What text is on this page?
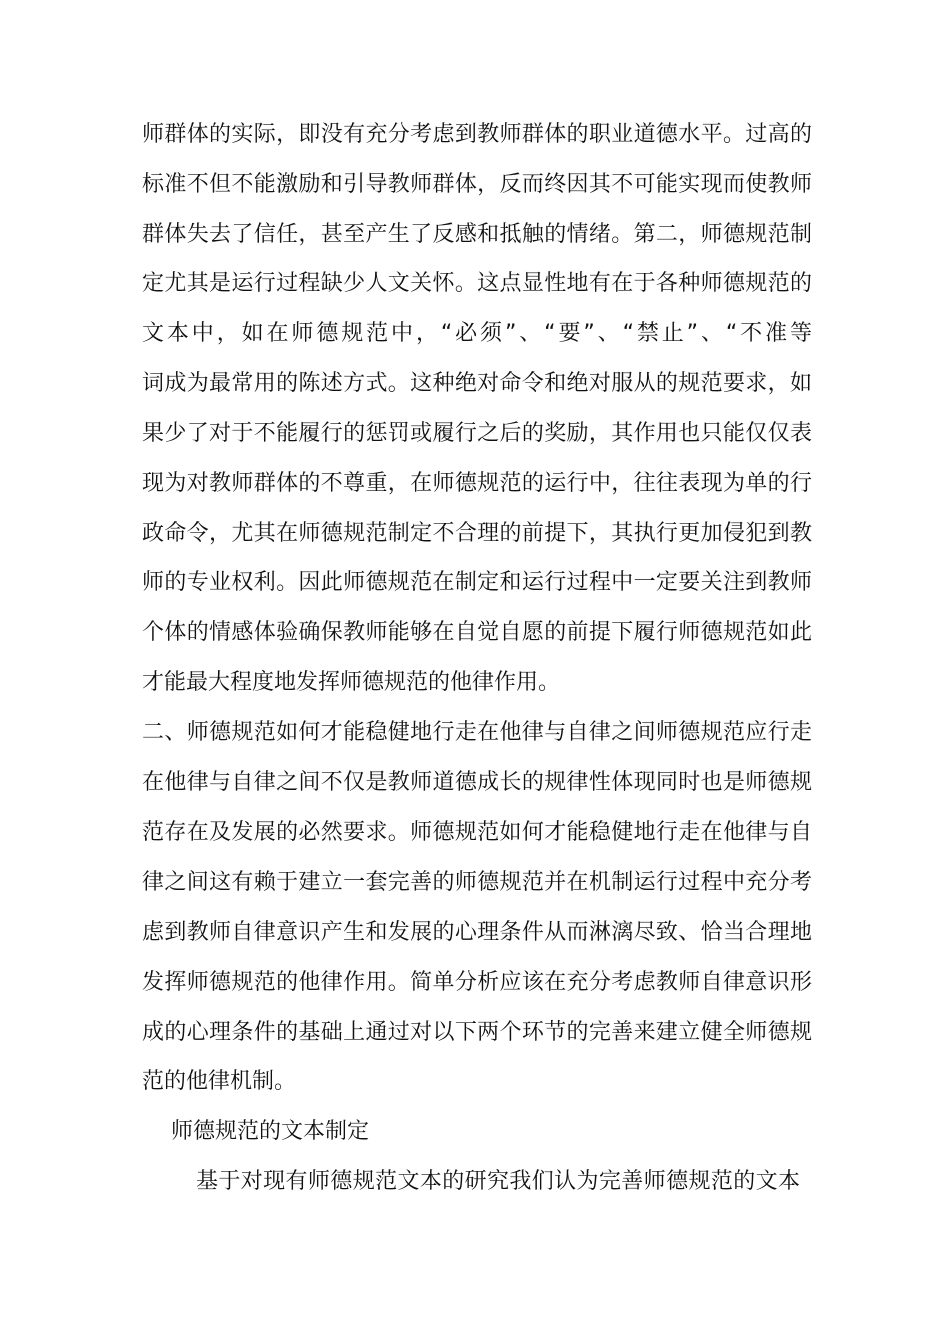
师群体的实际，即没有充分考虑到教师群体的职业道德水平。过高的
标准不但不能激励和引导教师群体，反而终因其不可能实现而使教师
群体失去了信任，甚至产生了反感和抵触的情绪。第二，师德规范制
定尤其是运行过程缺少人文关怀。这点显性地有在于各种师德规范的
文本中，如在师德规范中，“必须”、“要”、“禁止”、“不准等
词成为最常用的陈述方式。这种绝对命令和绝对服从的规范要求，如
果少了对于不能履行的惩罚或履行之后的奖励，其作用也只能仅仅表
现为对教师群体的不尊重，在师德规范的运行中，往往表现为单的行
政命令，尤其在师德规范制定不合理的前提下，其执行更加侵犯到教
师的专业权利。因此师德规范在制定和运行过程中一定要关注到教师
个体的情感体验确保教师能够在自觉自愿的前提下履行师德规范如此
才能最大程度地发挥师德规范的他律作用。
二、师德规范如何才能稳健地行走在他律与自律之间师德规范应行走
在他律与自律之间不仅是教师道德成长的规律性体现同时也是师德规
范存在及发展的必然要求。师德规范如何才能稳健地行走在他律与自
律之间这有赖于建立一套完善的师德规范并在机制运行过程中充分考
虑到教师自律意识产生和发展的心理条件从而淋漓尽致、恰当合理地
发挥师德规范的他律作用。简单分析应该在充分考虑教师自律意识形
成的心理条件的基础上通过对以下两个环节的完善来建立健全师德规
范的他律机制。
师德规范的文本制定
基于对现有师德规范文本的研究我们认为完善师德规范的文本
